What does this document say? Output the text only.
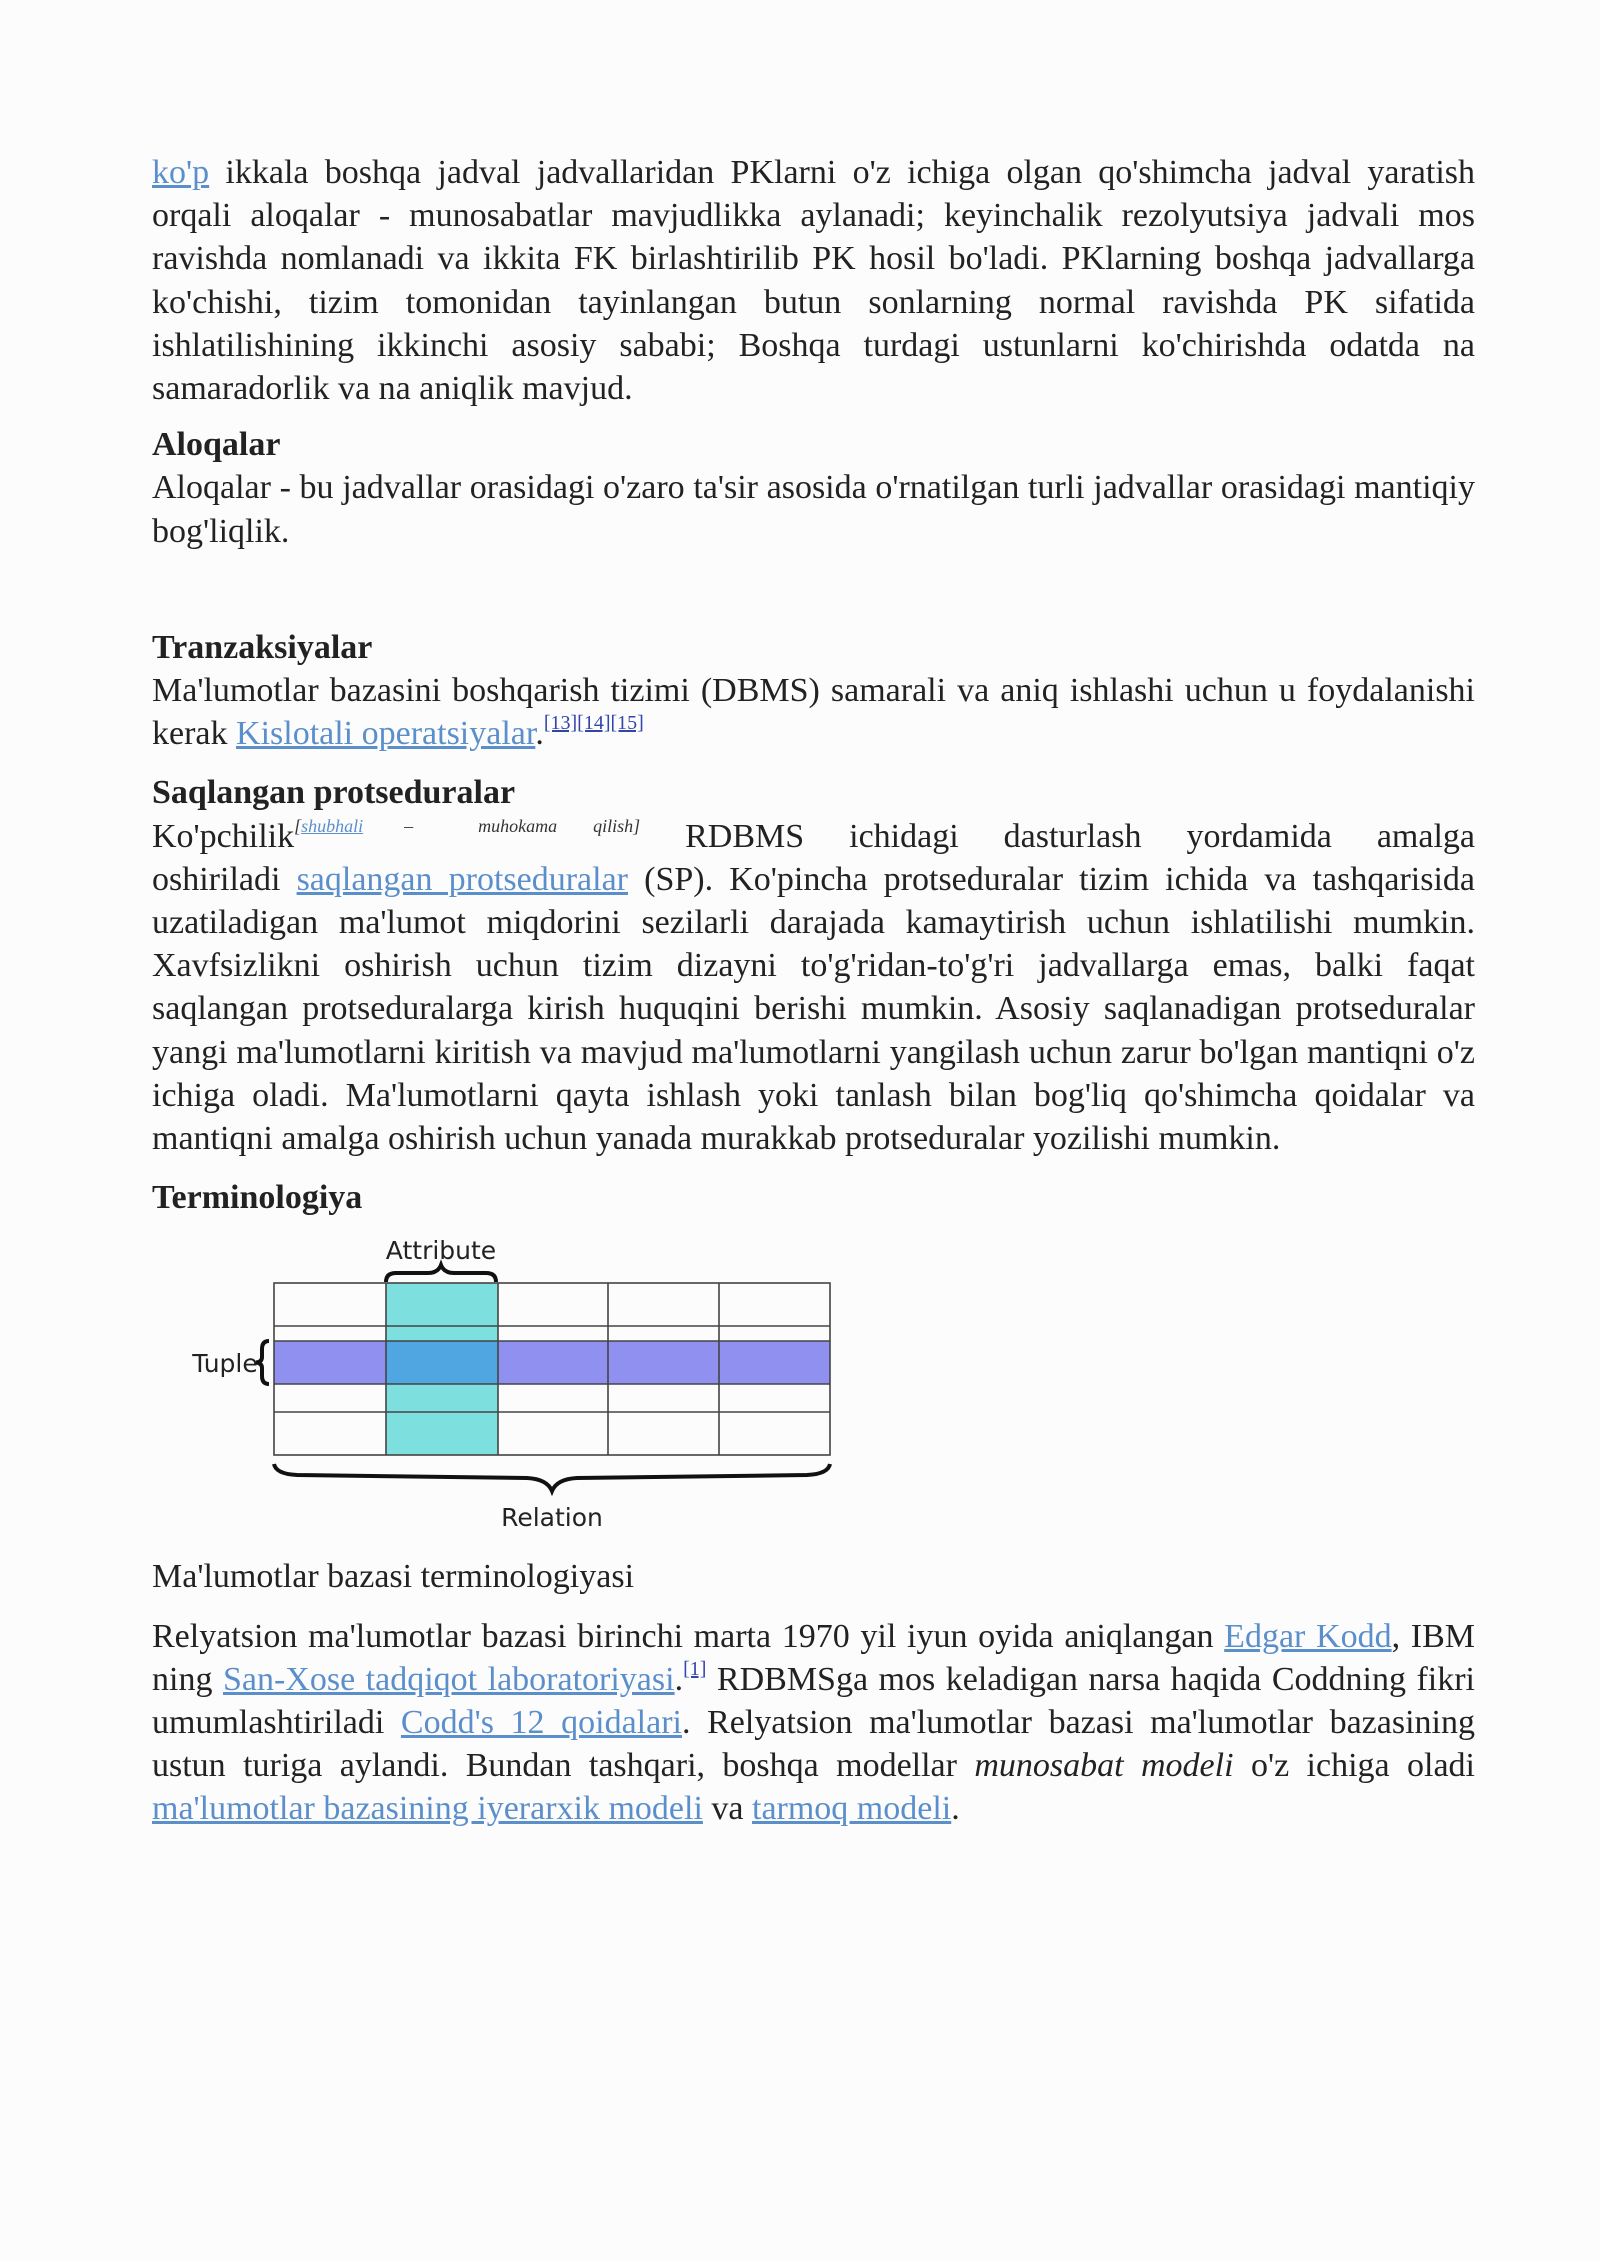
ko'p ikkala boshqa jadval jadvallaridan PKlarni o'z ichiga olgan qo'shimcha jadval yaratish orqali aloqalar - munosabatlar mavjudlikka aylanadi; keyinchalik rezolyutsiya jadvali mos ravishda nomlanadi va ikkita FK birlashtirilib PK hosil bo'ladi. PKlarning boshqa jadvallarga ko'chishi, tizim tomonidan tayinlangan butun sonlarning normal ravishda PK sifatida ishlatilishining ikkinchi asosiy sababi; Boshqa turdagi ustunlarni ko'chirishda odatda na samaradorlik va na aniqlik mavjud.

Aloqalar

Aloqalar - bu jadvallar orasidagi o'zaro ta'sir asosida o'rnatilgan turli jadvallar orasidagi mantiqiy bog'liqlik.

Tranzaksiyalar

Ma'lumotlar bazasini boshqarish tizimi (DBMS) samarali va aniq ishlashi uchun u foydalanishi kerak Kislotali operatsiyalar.[13][14][15]

Saqlangan protseduralar

Ko'pchilik[shubhali – muhokama qilish] RDBMS ichidagi dasturlash yordamida amalga

oshiriladi saqlangan protseduralar (SP). Ko'pincha protseduralar tizim ichida va tashqarisida uzatiladigan ma'lumot miqdorini sezilarli darajada kamaytirish uchun ishlatilishi mumkin. Xavfsizlikni oshirish uchun tizim dizayni to'g'ridan-to'g'ri jadvallarga emas, balki faqat saqlangan protseduralarga kirish huquqini berishi mumkin. Asosiy saqlanadigan protseduralar yangi ma'lumotlarni kiritish va mavjud ma'lumotlarni yangilash uchun zarur bo'lgan mantiqni o'z ichiga oladi. Ma'lumotlarni qayta ishlash yoki tanlash bilan bog'liq qo'shimcha qoidalar va mantiqni amalga oshirish uchun yanada murakkab protseduralar yozilishi mumkin.

Terminologiya
Attribute
Tuple
Relation

Ma'lumotlar bazasi terminologiyasi

Relyatsion ma'lumotlar bazasi birinchi marta 1970 yil iyun oyida aniqlangan Edgar Kodd, IBM ning San-Xose tadqiqot laboratoriyasi.[1] RDBMSga mos keladigan narsa haqida Coddning fikri umumlashtiriladi Codd's 12 qoidalari. Relyatsion ma'lumotlar bazasi ma'lumotlar bazasining ustun turiga aylandi. Bundan tashqari, boshqa modellar munosabat modeli o'z ichiga oladi ma'lumotlar bazasining iyerarxik modeli va tarmoq modeli.
